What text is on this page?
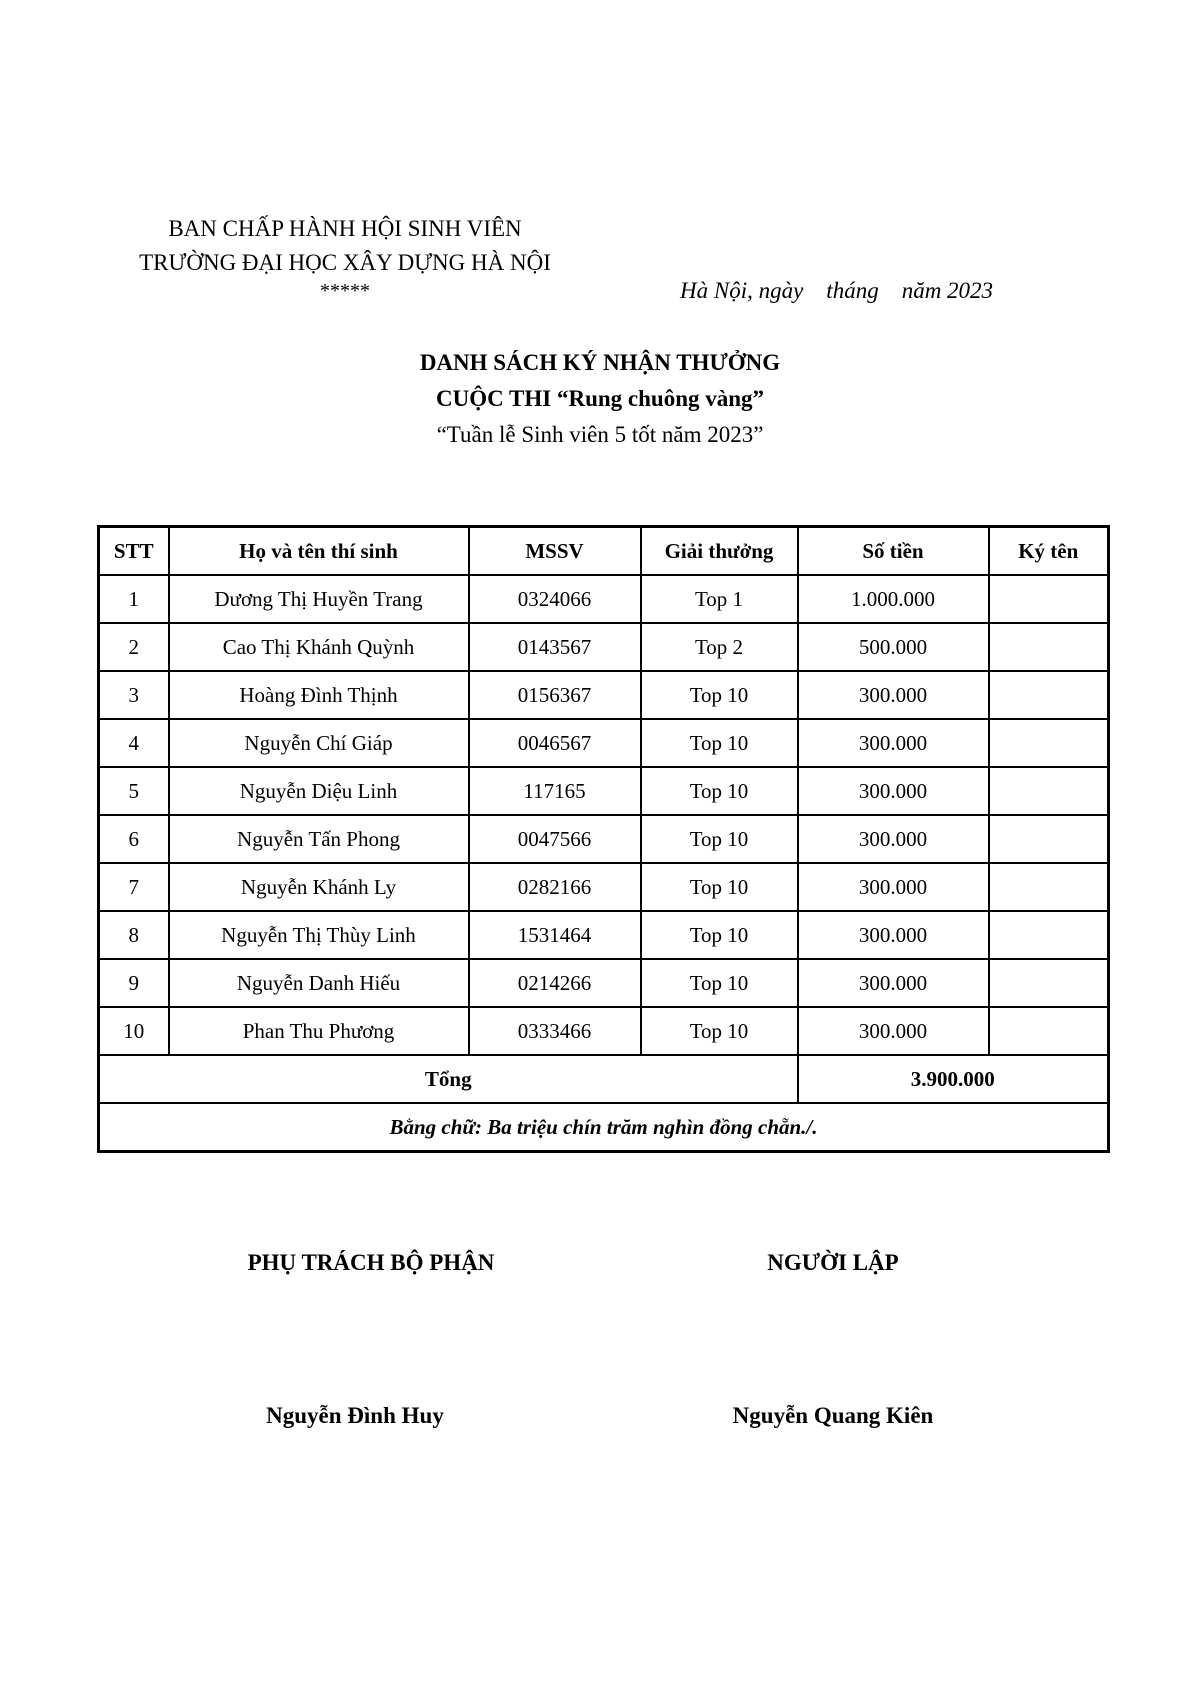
BAN CHẤP HÀNH HỘI SINH VIÊN
TRƯỜNG ĐẠI HỌC XÂY DỰNG HÀ NỘI
*****	Hà Nội, ngày    tháng    năm 2023
DANH SÁCH KÝ NHẬN THƯỞNG
CUỘC THI “Rung chuông vàng”
“Tuần lễ Sinh viên 5 tốt năm 2023”
STT	Họ và tên thí sinh	MSSV	Giải thưởng	Số tiền	Ký tên
1	Dương Thị Huyền Trang	0324066	Top 1	1.000.000	
2	Cao Thị Khánh Quỳnh	0143567	Top 2	500.000	
3	Hoàng Đình Thịnh	0156367	Top 10	300.000	
4	Nguyễn Chí Giáp	0046567	Top 10	300.000	
5	Nguyễn Diệu Linh	117165	Top 10	300.000	
6	Nguyễn Tấn Phong	0047566	Top 10	300.000	
7	Nguyễn Khánh Ly	0282166	Top 10	300.000	
8	Nguyễn Thị Thùy Linh	1531464	Top 10	300.000	
9	Nguyễn Danh Hiếu	0214266	Top 10	300.000	
10	Phan Thu Phương	0333466	Top 10	300.000	
Tổng				3.900.000	
Bằng chữ: Ba triệu chín trăm nghìn đồng chẵn./.					
PHỤ TRÁCH BỘ PHẬN	NGƯỜI LẬP
Nguyễn Đình Huy	Nguyễn Quang Kiên
